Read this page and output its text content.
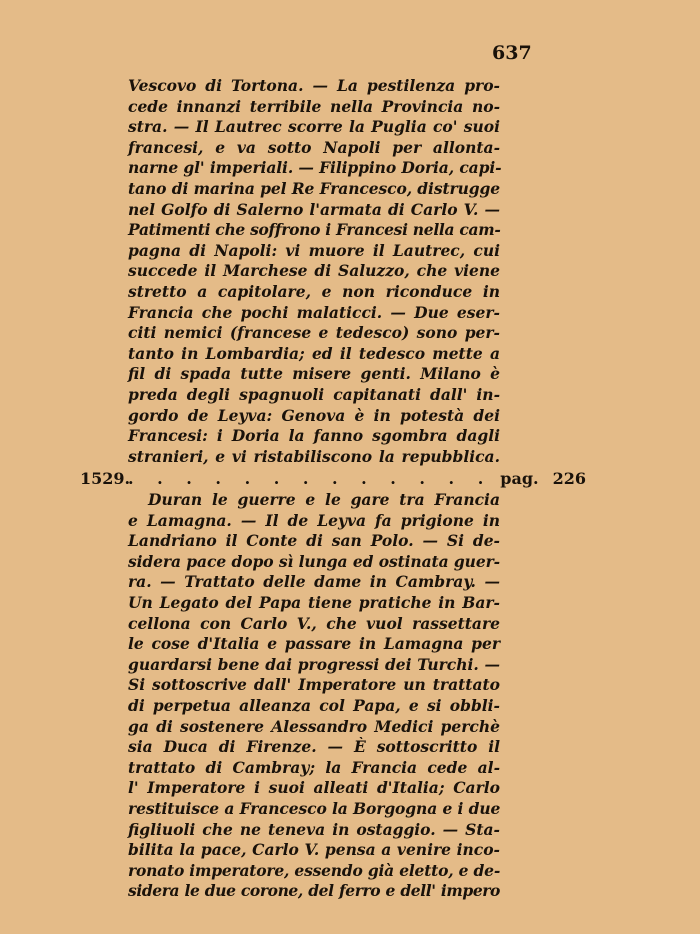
637
Vescovo di Tortona. — La pestilenza pro-
cede innanzi terribile nella Provincia no-
stra. — Il Lautrec scorre la Puglia co' suoi
francesi, e va sotto Napoli per allonta-
narne gl' imperiali. — Filippino Doria, capi-
tano di marina pel Re Francesco, distrugge
nel Golfo di Salerno l'armata di Carlo V. —
Patimenti che soffrono i Francesi nella cam-
pagna di Napoli: vi muore il Lautrec, cui
succede il Marchese di Saluzzo, che viene
stretto a capitolare, e non riconduce in
Francia che pochi malaticci. — Due eser-
citi nemici (francese e tedesco) sono per-
tanto in Lombardia; ed il tedesco mette a
fil di spada tutte misere genti. Milano è
preda degli spagnuoli capitanati dall' in-
gordo de Leyva: Genova è in potestà dei
Francesi: i Doria la fanno sgombra dagli
stranieri, e vi ristabiliscono la repubblica.
1529.
. . . . . . . . . . . . . pag. 226
Duran le guerre e le gare tra Francia
e Lamagna. — Il de Leyva fa prigione in
Landriano il Conte di san Polo. — Si de-
sidera pace dopo sì lunga ed ostinata guer-
ra. — Trattato delle dame in Cambray. —
Un Legato del Papa tiene pratiche in Bar-
cellona con Carlo V., che vuol rassettare
le cose d'Italia e passare in Lamagna per
guardarsi bene dai progressi dei Turchi. —
Si sottoscrive dall' Imperatore un trattato
di perpetua alleanza col Papa, e si obbli-
ga di sostenere Alessandro Medici perchè
sia Duca di Firenze. — È sottoscritto il
trattato di Cambray; la Francia cede al-
l' Imperatore i suoi alleati d'Italia; Carlo
restituisce a Francesco la Borgogna e i due
figliuoli che ne teneva in ostaggio. — Sta-
bilita la pace, Carlo V. pensa a venire inco-
ronato imperatore, essendo già eletto, e de-
sidera le due corone, del ferro e dell' impero
